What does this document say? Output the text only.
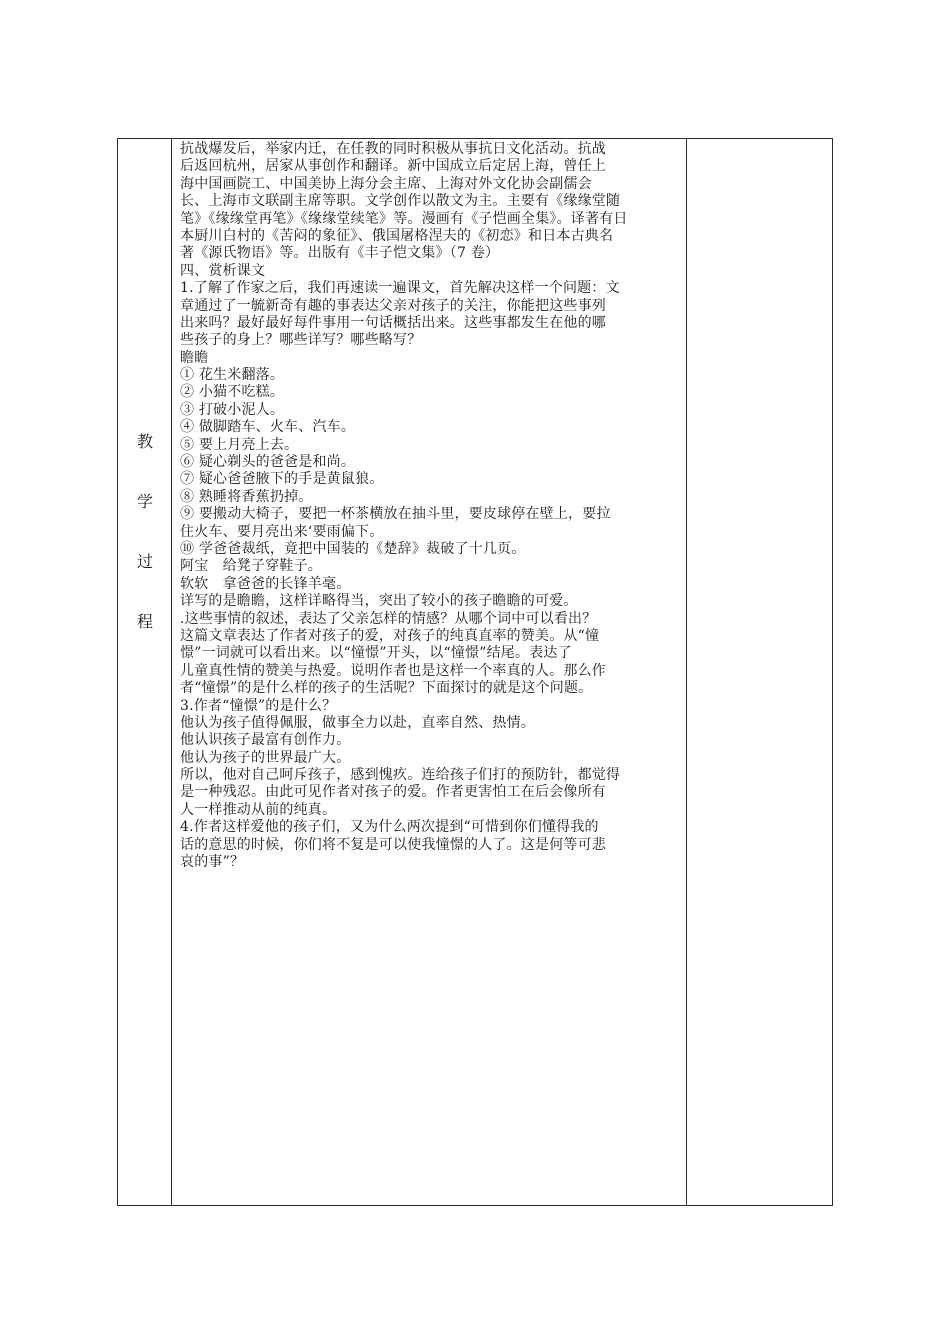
教
学
过
程
抗战爆发后，举家内迁，在任教的同时积极从事抗日文化活动。抗战
后返回杭州，居家从事创作和翻译。新中国成立后定居上海，曾任上
海中国画院工、中国美协上海分会主席、上海对外文化协会副儒会
长、上海市文联副主席等职。文学创作以散文为主。主要有《缘缘堂随
笔》《缘缘堂再笔》《缘缘堂续笔》等。漫画有《子恺画全集》。译著有日
本厨川白村的《苦闷的象征》、俄国屠格涅夫的《初恋》和日本古典名
著《源氏物语》等。出版有《丰子恺文集》（7 卷）
四、赏析课文
1.了解了作家之后，我们再速读一遍课文，首先解决这样一个问题：文
章通过了一毓新奇有趣的事表达父亲对孩子的关注，你能把这些事列
出来吗？最好最好每件事用一句话概括出来。这些事都发生在他的哪
些孩子的身上？哪些详写？哪些略写？
瞻瞻
① 花生米翻落。
② 小猫不吃糕。
③ 打破小泥人。
④ 做脚踏车、火车、汽车。
⑤ 要上月亮上去。
⑥ 疑心剃头的爸爸是和尚。
⑦ 疑心爸爸腋下的手是黄鼠狼。
⑧ 熟睡将香蕉扔掉。
⑨ 要搬动大椅子，要把一杯茶横放在抽斗里，要皮球停在壁上，要拉
住火车、要月亮出来‘要雨偏下。
⑩ 学爸爸裁纸，竟把中国装的《楚辞》裁破了十几页。
阿宝　给凳子穿鞋子。
软软　拿爸爸的长锋羊毫。
详写的是瞻瞻，这样详略得当，突出了较小的孩子瞻瞻的可爱。
.这些事情的叙述，表达了父亲怎样的情感？从哪个词中可以看出？
这篇文章表达了作者对孩子的爱，对孩子的纯真直率的赞美。从“憧
憬”一词就可以看出来。以“憧憬”开头，以“憧憬”结尾。表达了
儿童真性情的赞美与热爱。说明作者也是这样一个率真的人。那么作
者“憧憬”的是什么样的孩子的生活呢？下面探讨的就是这个问题。
3.作者“憧憬”的是什么？
他认为孩子值得佩服，做事全力以赴，直率自然、热情。
他认识孩子最富有创作力。
他认为孩子的世界最广大。
所以，他对自己呵斥孩子，感到愧疚。连给孩子们打的预防针，都觉得
是一种残忍。由此可见作者对孩子的爱。作者更害怕工在后会像所有
人一样推动从前的纯真。
4.作者这样爱他的孩子们，又为什么两次提到“可惜到你们懂得我的
话的意思的时候，你们将不复是可以使我憧憬的人了。这是何等可悲
哀的事”？
